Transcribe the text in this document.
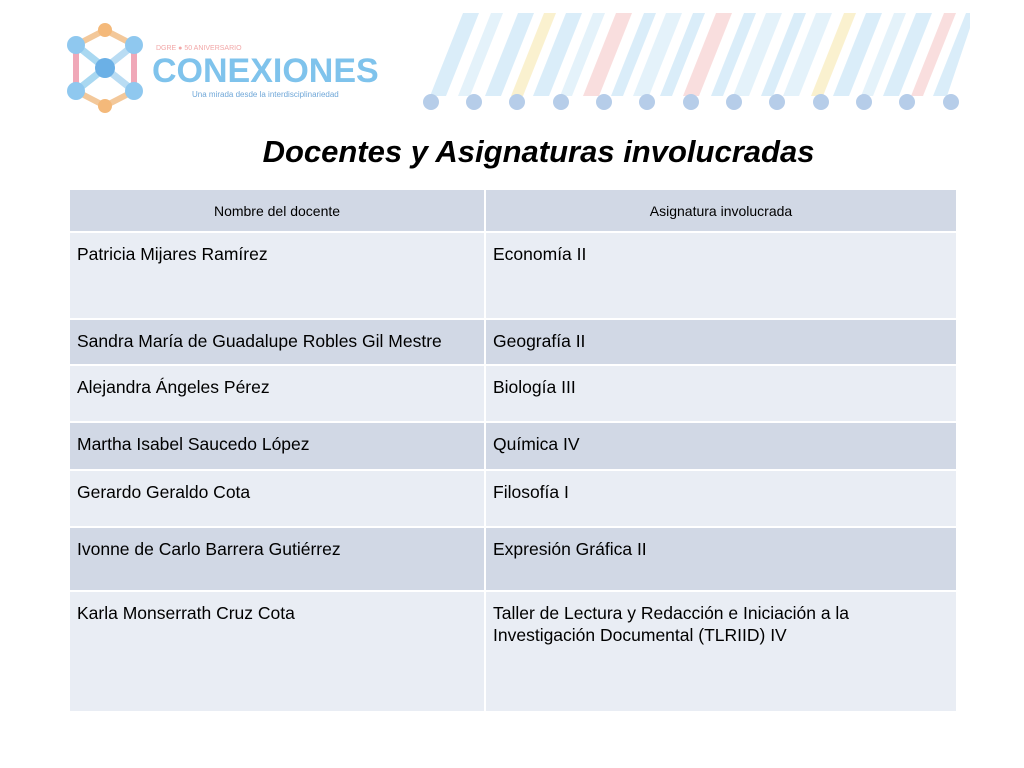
DGRE ● 50 ANIVERSARIO
CONEXIONES
Una mirada desde la interdisciplinariedad
Docentes y Asignaturas involucradas
Nombre del docente	Asignatura involucrada
Patricia Mijares Ramírez	Economía II
Sandra María de Guadalupe Robles Gil Mestre	Geografía II
Alejandra Ángeles Pérez	Biología III
Martha Isabel Saucedo López	Química IV
Gerardo Geraldo Cota	Filosofía I
Ivonne de Carlo Barrera Gutiérrez	Expresión Gráfica II
Karla Monserrath Cruz Cota	Taller de Lectura y Redacción e Iniciación a la
Investigación Documental (TLRIID) IV
